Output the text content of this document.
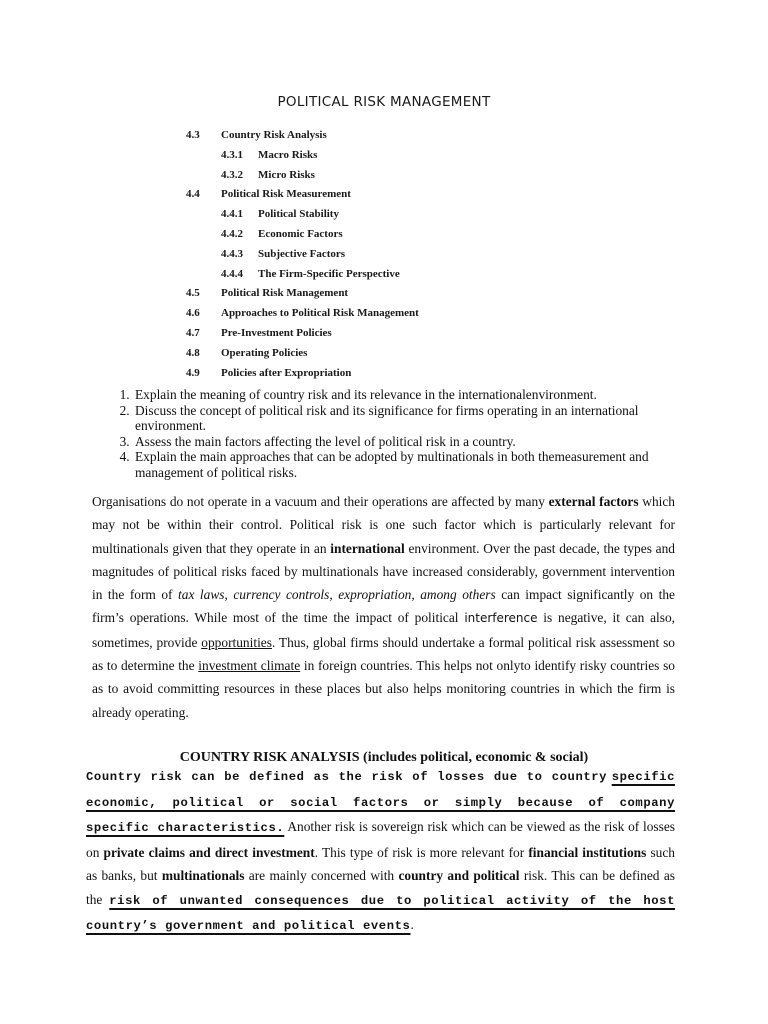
POLITICAL RISK MANAGEMENT
4.3 Country Risk Analysis
4.3.1 Macro Risks
4.3.2 Micro Risks
4.4 Political Risk Measurement
4.4.1 Political Stability
4.4.2 Economic Factors
4.4.3 Subjective Factors
4.4.4 The Firm-Specific Perspective
4.5 Political Risk Management
4.6 Approaches to Political Risk Management
4.7 Pre-Investment Policies
4.8 Operating Policies
4.9 Policies after Expropriation
1. Explain the meaning of country risk and its relevance in the internationalenvironment.
2. Discuss the concept of political risk and its significance for firms operating in an international environment.
3. Assess the main factors affecting the level of political risk in a country.
4. Explain the main approaches that can be adopted by multinationals in both themeasurement and management of political risks.

Organisations do not operate in a vacuum and their operations are affected by many external factors which may not be within their control. Political risk is one such factor which is particularly relevant for multinationals given that they operate in an international environment. Over the past decade, the types and magnitudes of political risks faced by multinationals have increased considerably, government intervention in the form of tax laws, currency controls, expropriation, among others can impact significantly on the firm’s operations. While most of the time the impact of political interference is negative, it can also, sometimes, provide opportunities. Thus, global firms should undertake a formal political risk assessment so as to determine the investment climate in foreign countries. This helps not onlyto identify risky countries so as to avoid committing resources in these places but also helps monitoring countries in which the firm is already operating.

COUNTRY RISK ANALYSIS (includes political, economic & social)

Country risk can be defined as the risk of losses due to country specific economic, political or social factors or simply because of company specific characteristics. Another risk is sovereign risk which can be viewed as the risk of losses on private claims and direct investment. This type of risk is more relevant for financial institutions such as banks, but multinationals are mainly concerned with country and political risk. This can be defined as the risk of unwanted consequences due to political activity of the host country’s government and political events.
